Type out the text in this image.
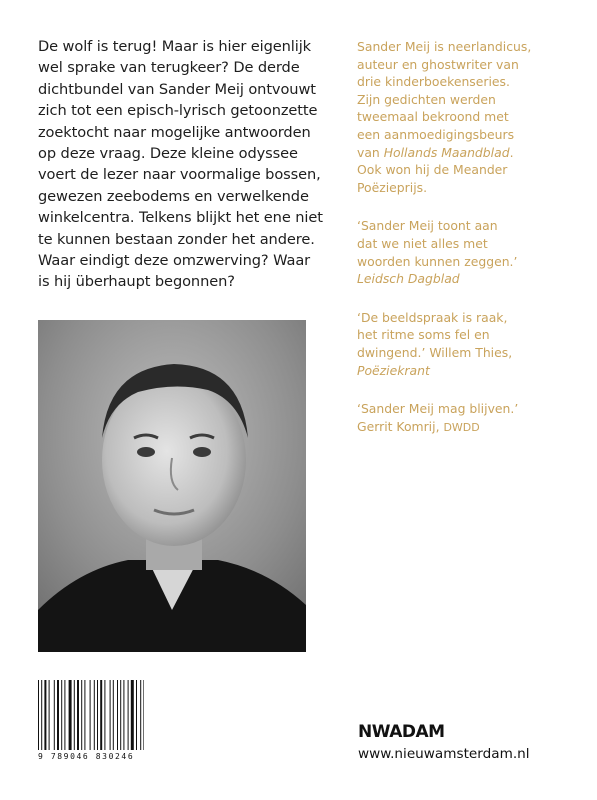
De wolf is terug! Maar is hier eigenlijk
wel sprake van terugkeer? De derde
dichtbundel van Sander Meij ontvouwt
zich tot een episch-lyrisch getoonzette
zoektocht naar mogelijke antwoorden
op deze vraag. Deze kleine odyssee
voert de lezer naar voormalige bossen,
gewezen zeebodems en verwelkende
winkelcentra. Telkens blijkt het ene niet
te kunnen bestaan zonder het andere.
Waar eindigt deze omzwerving? Waar
is hij überhaupt begonnen?
Sander Meij is neerlandicus,
auteur en ghostwriter van
drie kinderboekenseries.
Zijn gedichten werden
tweemaal bekroond met
een aanmoedigingsbeurs
van Hollands Maandblad.
Ook won hij de Meander
Poëzieprijs.
‘Sander Meij toont aan
dat we niet alles met
woorden kunnen zeggen.’
Leidsch Dagblad
‘De beeldspraak is raak,
het ritme soms fel en
dwingend.’ Willem Thies,
Poëziekrant
‘Sander Meij mag blijven.’
Gerrit Komrij, DWDD
9 789046 830246
NWADAM
www.nieuwamsterdam.nl
